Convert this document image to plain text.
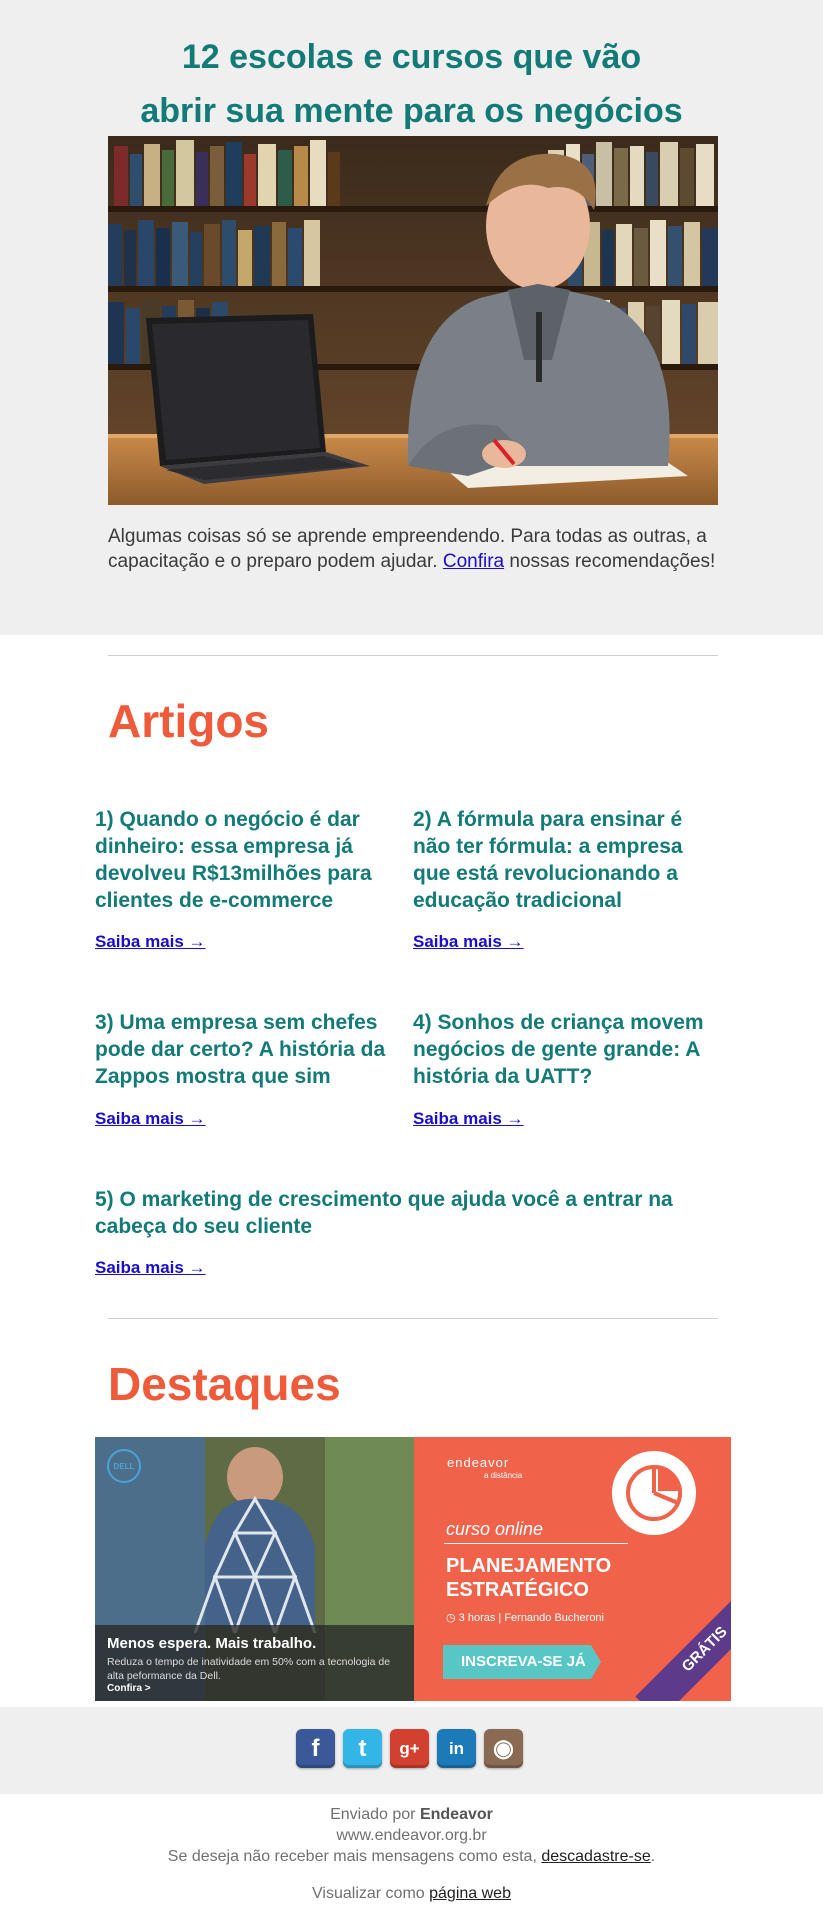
12 escolas e cursos que vão
abrir sua mente para os negócios

Algumas coisas só se aprende empreendendo. Para todas as outras, a capacitação e o preparo podem ajudar. Confira nossas recomendações!

Artigos
1) Quando o negócio é dar dinheiro: essa empresa já devolveu R$13milhões para clientes de e-commerce
Saiba mais →
2) A fórmula para ensinar é não ter fórmula: a empresa que está revolucionando a educação tradicional
Saiba mais →
3) Uma empresa sem chefes pode dar certo? A história da Zappos mostra que sim
Saiba mais →
4) Sonhos de criança movem negócios de gente grande: A história da UATT?
Saiba mais →
5) O marketing de crescimento que ajuda você a entrar na cabeça do seu cliente
Saiba mais →
Destaques
DELL
Menos espera. Mais trabalho.
Reduza o tempo de inatividade em 50% com a tecnologia de alta peformance da Dell.
Confira >
endeavor
a distância
curso online
PLANEJAMENTO
ESTRATÉGICO
◷ 3 horas | Fernando Bucheroni
INSCREVA-SE JÁ	GRÁTIS
f	t	g+	in	◉
Enviado por Endeavor
www.endeavor.org.br
Se deseja não receber mais mensagens como esta, descadastre-se.
Visualizar como página web
